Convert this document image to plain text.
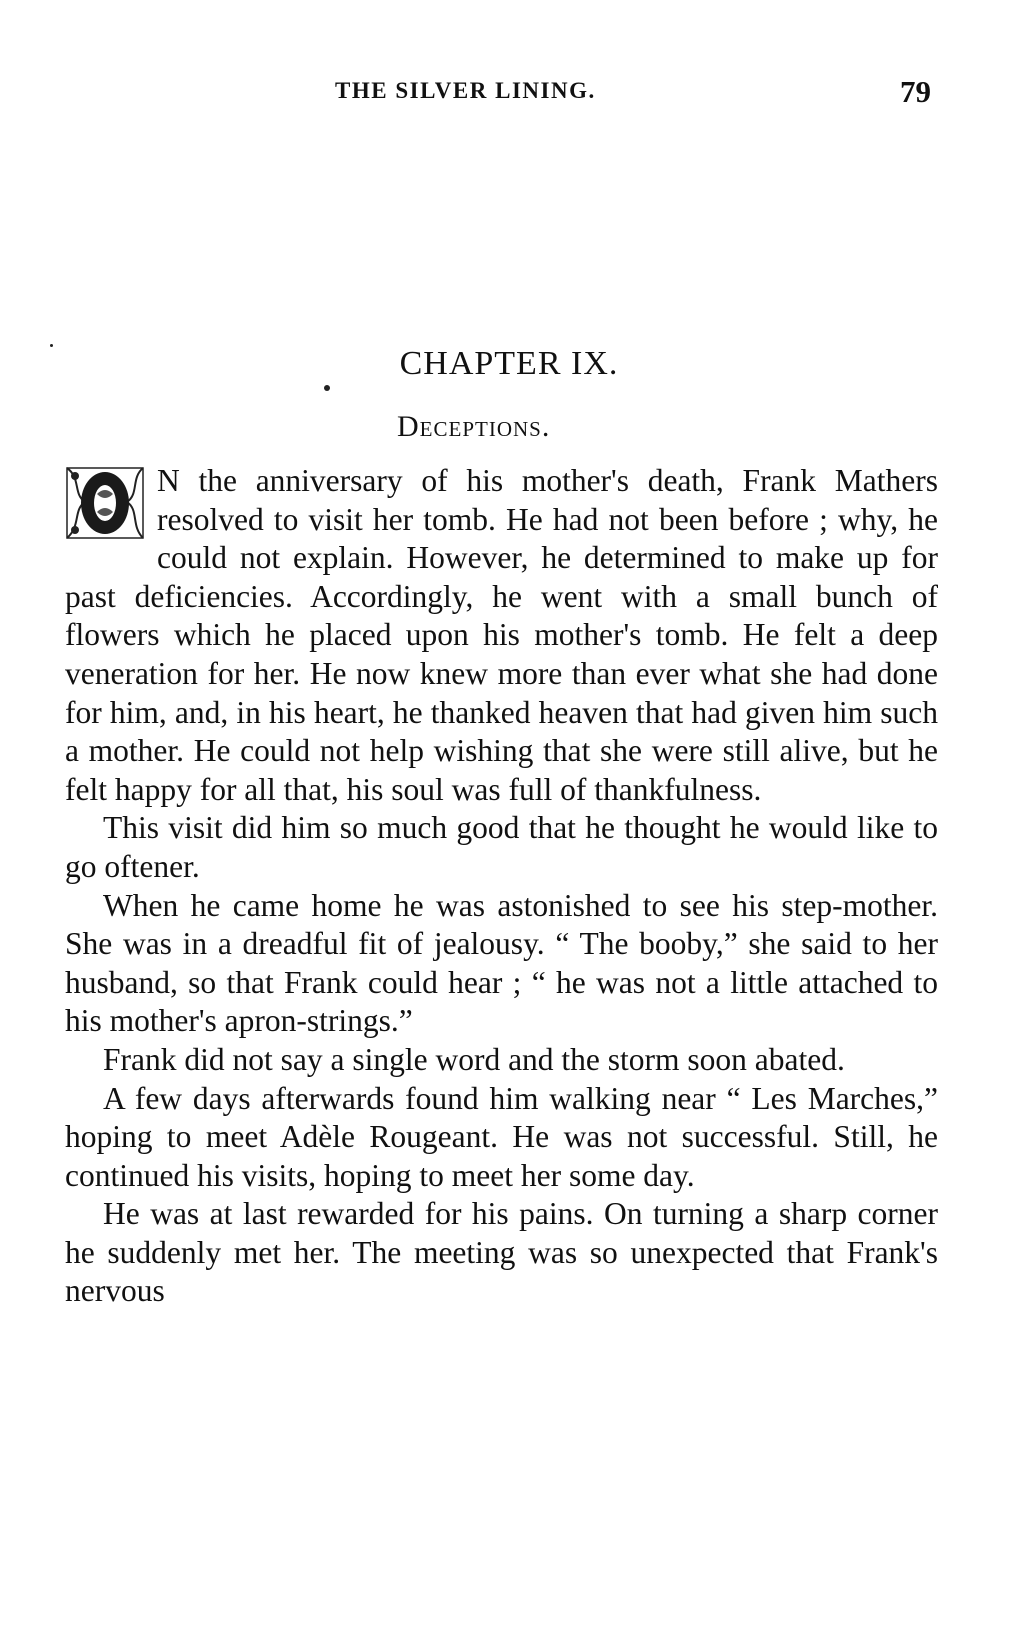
THE SILVER LINING.	79
CHAPTER IX.
Deceptions.

N the anniversary of his mother's death, Frank Mathers resolved to visit her tomb. He had not been before ; why, he could not explain. However, he determined to make up for past deficiencies. Accordingly, he went with a small bunch of flowers which he placed upon his mother's tomb. He felt a deep veneration for her. He now knew more than ever what she had done for him, and, in his heart, he thanked heaven that had given him such a mother. He could not help wishing that she were still alive, but he felt happy for all that, his soul was full of thankfulness.

This visit did him so much good that he thought he would like to go oftener.

When he came home he was astonished to see his step-mother. She was in a dreadful fit of jealousy. “ The booby,” she said to her husband, so that Frank could hear ; “ he was not a little attached to his mother's apron-strings.”

Frank did not say a single word and the storm soon abated.

A few days afterwards found him walking near “ Les Marches,” hoping to meet Adèle Rougeant. He was not successful. Still, he continued his visits, hoping to meet her some day.

He was at last rewarded for his pains. On turning a sharp corner he suddenly met her. The meeting was so unexpected that Frank's nervous
